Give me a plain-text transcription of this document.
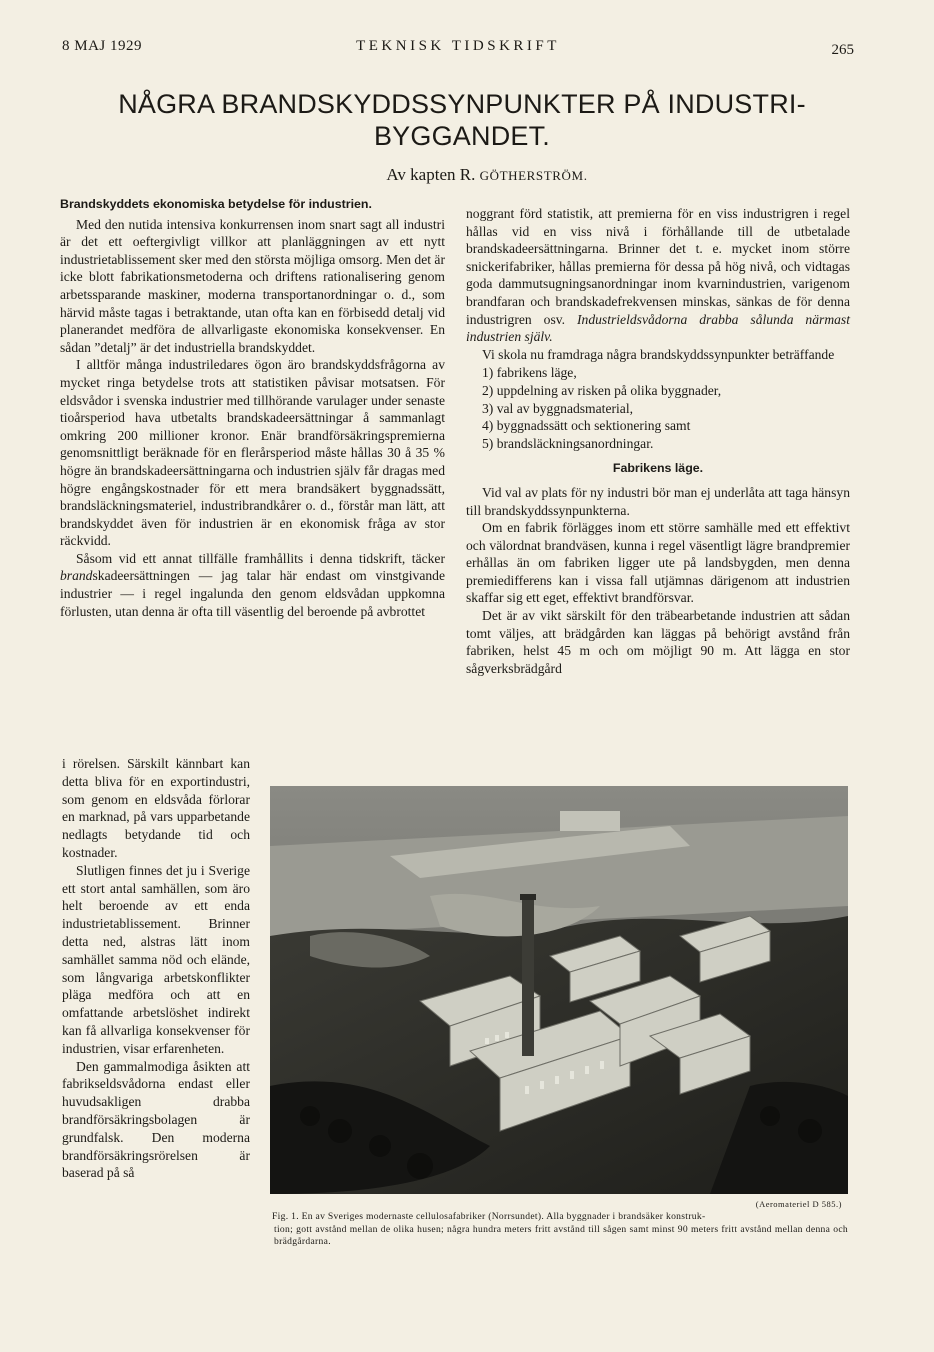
8 MAJ 1929	TEKNISK TIDSKRIFT	265
NÅGRA BRANDSKYDDSSYNPUNKTER PÅ INDUSTRI-
BYGGANDET.
Av kapten R. GÖTHERSTRÖM.
Brandskyddets ekonomiska betydelse för industrien.

Med den nutida intensiva konkurrensen inom snart sagt all industri är det ett oeftergivligt villkor att planläggningen av ett nytt industrietablissement sker med den största möjliga omsorg. Men det är icke blott fabrikationsmetoderna och driftens rationalisering genom arbetssparande maskiner, moderna transportanordningar o. d., som härvid måste tagas i betraktande, utan ofta kan en förbisedd detalj vid planerandet medföra de allvarligaste ekonomiska konsekvenser. En sådan ”detalj” är det industriella brandskyddet.

I alltför många industriledares ögon äro brandskyddsfrågorna av mycket ringa betydelse trots att statistiken påvisar motsatsen. För eldsvådor i svenska industrier med tillhörande varulager under senaste tioårsperiod hava utbetalts brandskadeersättningar å sammanlagt omkring 200 millioner kronor. Enär brandförsäkringspremierna genomsnittligt beräknade för en flerårsperiod måste hållas 30 å 35 % högre än brandskadeersättningarna och industrien själv får dragas med högre engångskostnader för ett mera brandsäkert byggnadssätt, brandsläckningsmateriel, industribrandkårer o. d., förstår man lätt, att brandskyddet även för industrien är en ekonomisk fråga av stor räckvidd.

Såsom vid ett annat tillfälle framhållits i denna tidskrift, täcker brandskadeersättningen — jag talar här endast om vinstgivande industrier — i regel ingalunda den genom eldsvådan uppkomna förlusten, utan denna är ofta till väsentlig del beroende på avbrottet

i rörelsen. Särskilt kännbart kan detta bliva för en exportindustri, som genom en eldsvåda förlorar en marknad, på vars upparbetande nedlagts betydande tid och kostnader.

Slutligen finnes det ju i Sverige ett stort antal samhällen, som äro helt beroende av ett enda industrietablissement. Brinner detta ned, alstras lätt inom samhället samma nöd och elände, som långvariga arbetskonflikter pläga medföra och att en omfattande arbetslöshet indirekt kan få allvarliga konsekvenser för industrien, visar erfarenheten.

Den gammalmodiga åsikten att fabrikseldsvådorna endast eller huvudsakligen drabba brandförsäkringsbolagen är grundfalsk. Den moderna brandförsäkringsrörelsen är baserad på så

noggrant förd statistik, att premierna för en viss industrigren i regel hållas vid en viss nivå i förhållande till de utbetalade brandskadeersättningarna. Brinner det t. e. mycket inom större snickerifabriker, hållas premierna för dessa på hög nivå, och vidtagas goda dammutsugningsanordningar inom kvarnindustrien, varigenom brandfaran och brandskadefrekvensen minskas, sänkas de för denna industrigren osv. Industrieldsvådorna drabba sålunda närmast industrien själv.

Vi skola nu framdraga några brandskyddssynpunkter beträffande

1) fabrikens läge,
2) uppdelning av risken på olika byggnader,
3) val av byggnadsmaterial,
4) byggnadssätt och sektionering samt
5) brandsläckningsanordningar.
Fabrikens läge.

Vid val av plats för ny industri bör man ej underlåta att taga hänsyn till brandskyddssynpunkterna.

Om en fabrik förlägges inom ett större samhälle med ett effektivt och välordnat brandväsen, kunna i regel väsentligt lägre brandpremier erhållas än om fabriken ligger ute på landsbygden, men denna premiedifferens kan i vissa fall utjämnas därigenom att industrien skaffar sig ett eget, effektivt brandförsvar.

Det är av vikt särskilt för den träbearbetande industrien att sådan tomt väljes, att brädgården kan läggas på behörigt avstånd från fabriken, helst 45 m och om möjligt 90 m. Att lägga en stor sågverksbrädgård

(Aeromateriel D 585.)
Fig. 1. En av Sveriges modernaste cellulosafabriker (Norrsundet). Alla byggnader i brandsäker konstruk-
tion; gott avstånd mellan de olika husen; några hundra meters fritt avstånd till sågen samt minst 90 meters fritt avstånd mellan denna och brädgårdarna.
